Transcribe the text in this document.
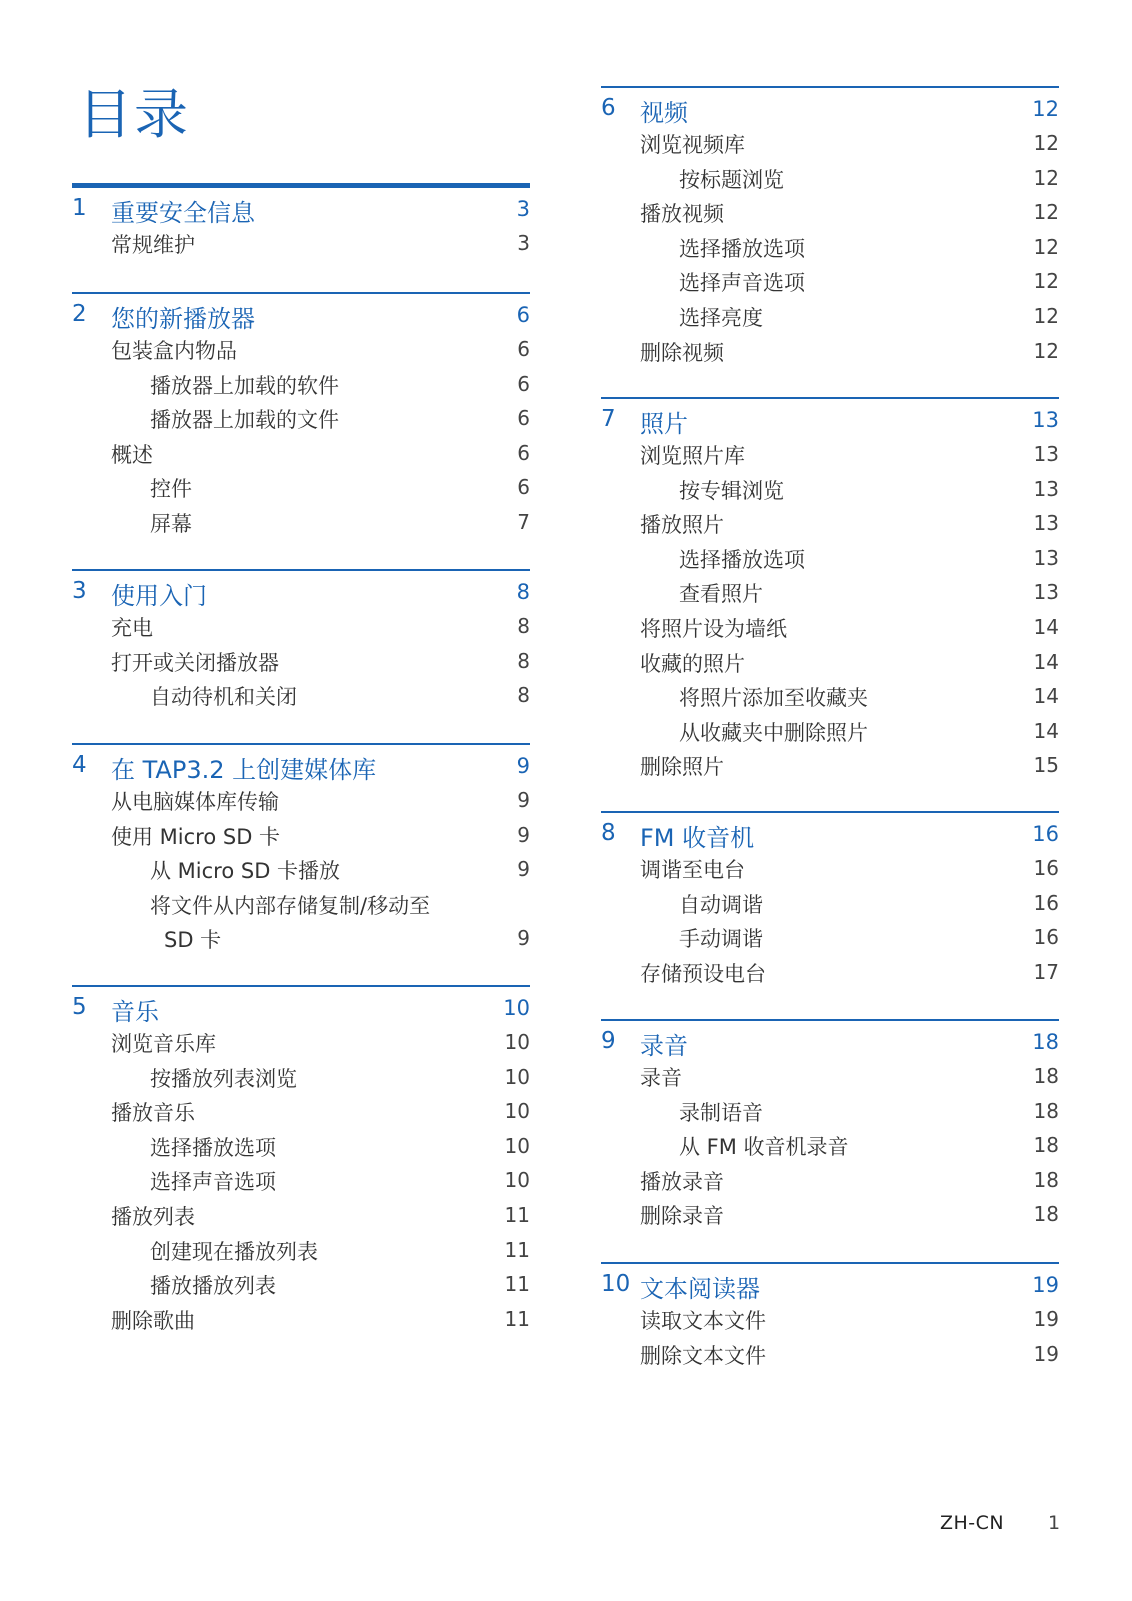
目录
1 重要安全信息	3
常规维护	3
2 您的新播放器	6
包装盒内物品	6
播放器上加载的软件	6
播放器上加载的文件	6
概述	6
控件	6
屏幕	7
3 使用入门	8
充电	8
打开或关闭播放器	8
自动待机和关闭	8
4 在 TAP3.2 上创建媒体库	9
从电脑媒体库传输	9
使用 Micro SD 卡	9
从 Micro SD 卡播放	9
将文件从内部存储复制/移动至
SD 卡	9
5 音乐	10
浏览音乐库	10
按播放列表浏览	10
播放音乐	10
选择播放选项	10
选择声音选项	10
播放列表	11
创建现在播放列表	11
播放播放列表	11
删除歌曲	11
6 视频	12
浏览视频库	12
按标题浏览	12
播放视频	12
选择播放选项	12
选择声音选项	12
选择亮度	12
删除视频	12
7 照片	13
浏览照片库	13
按专辑浏览	13
播放照片	13
选择播放选项	13
查看照片	13
将照片设为墙纸	14
收藏的照片	14
将照片添加至收藏夹	14
从收藏夹中删除照片	14
删除照片	15
8 FM 收音机	16
调谐至电台	16
自动调谐	16
手动调谐	16
存储预设电台	17
9 录音	18
录音	18
录制语音	18
从 FM 收音机录音	18
播放录音	18
删除录音	18
10 文本阅读器	19
读取文本文件	19
删除文本文件	19
ZH-CN 1
